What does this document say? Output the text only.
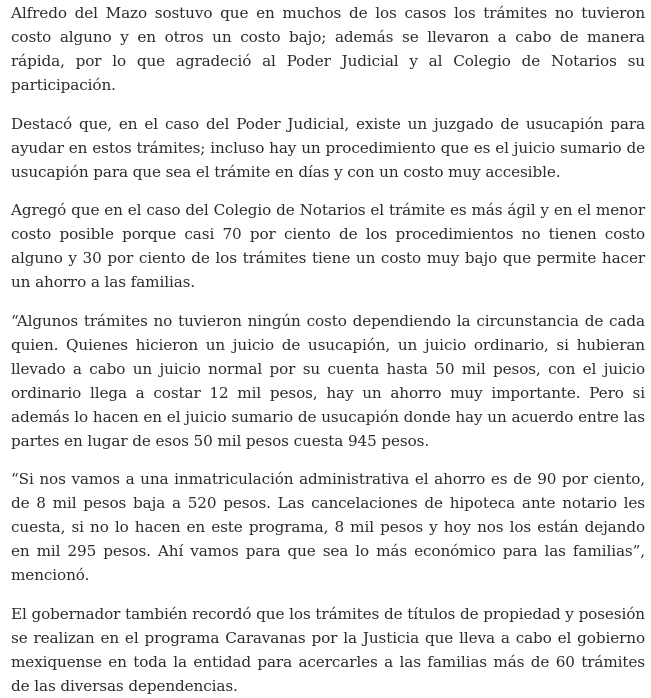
Alfredo del Mazo sostuvo que en muchos de los casos los trámites no tuvieron costo alguno y en otros un costo bajo; además se llevaron a cabo de manera rápida, por lo que agradeció al Poder Judicial y al Colegio de Notarios su participación.

Destacó que, en el caso del Poder Judicial, existe un juzgado de usucapión para ayudar en estos trámites; incluso hay un procedimiento que es el juicio sumario de usucapión para que sea el trámite en días y con un costo muy accesible.

Agregó que en el caso del Colegio de Notarios el trámite es más ágil y en el menor costo posible porque casi 70 por ciento de los procedimientos no tienen costo alguno y 30 por ciento de los trámites tiene un costo muy bajo que permite hacer un ahorro a las familias.

“Algunos trámites no tuvieron ningún costo dependiendo la circunstancia de cada quien. Quienes hicieron un juicio de usucapión, un juicio ordinario, si hubieran llevado a cabo un juicio normal por su cuenta hasta 50 mil pesos, con el juicio ordinario llega a costar 12 mil pesos, hay un ahorro muy importante. Pero si además lo hacen en el juicio sumario de usucapión donde hay un acuerdo entre las partes en lugar de esos 50 mil pesos cuesta 945 pesos.

“Si nos vamos a una inmatriculación administrativa el ahorro es de 90 por ciento, de 8 mil pesos baja a 520 pesos. Las cancelaciones de hipoteca ante notario les cuesta, si no lo hacen en este programa, 8 mil pesos y hoy nos los están dejando en mil 295 pesos. Ahí vamos para que sea lo más económico para las familias”, mencionó.

El gobernador también recordó que los trámites de títulos de propiedad y posesión se realizan en el programa Caravanas por la Justicia que lleva a cabo el gobierno mexiquense en toda la entidad para acercarles a las familias más de 60 trámites de las diversas dependencias.
